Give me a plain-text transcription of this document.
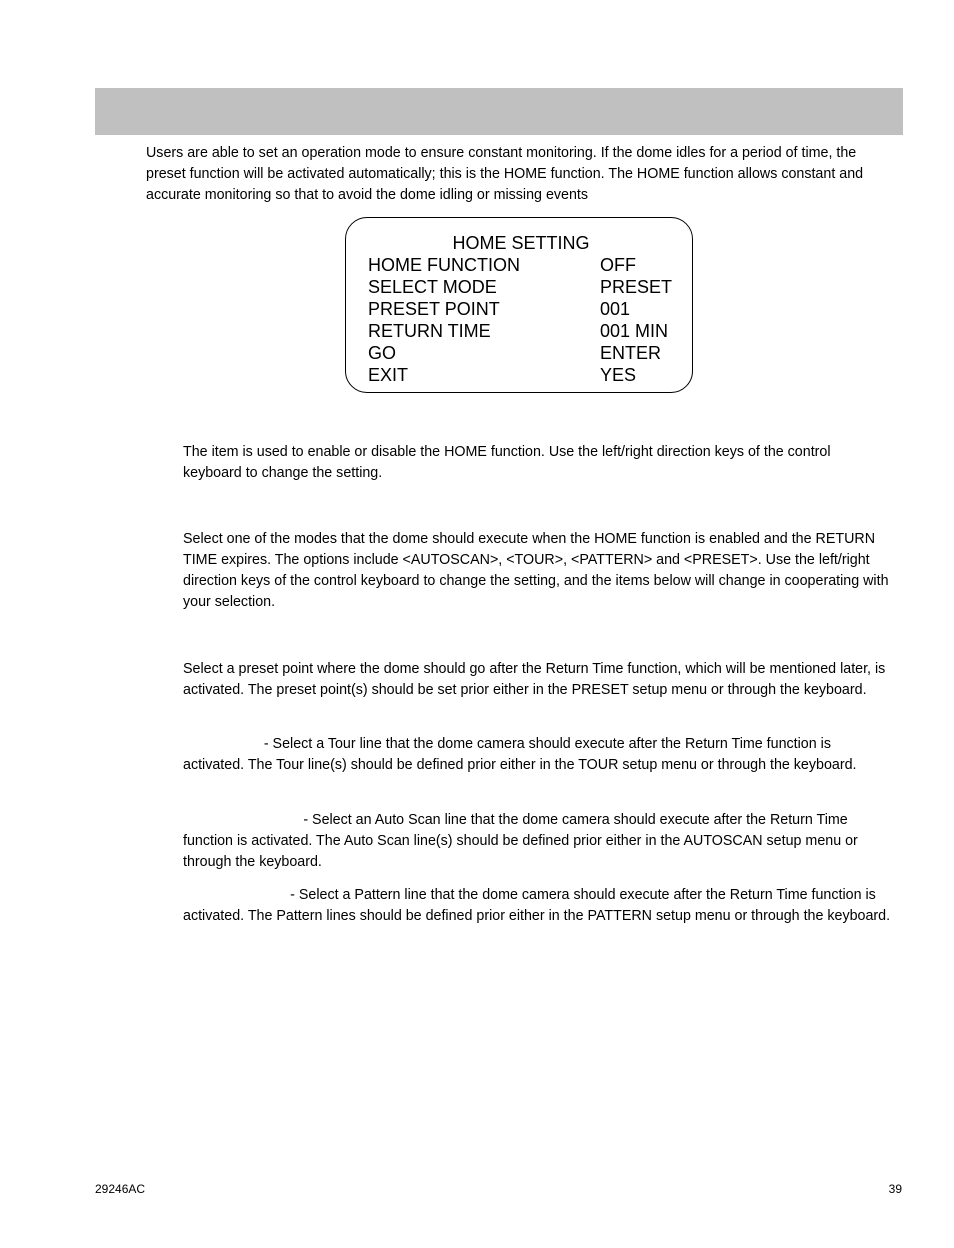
Users are able to set an operation mode to ensure constant monitoring. If the dome idles for a period of time, the preset function will be activated automatically; this is the HOME function. The HOME function allows constant and accurate monitoring so that to avoid the dome idling or missing events

HOME SETTING
HOME FUNCTION	OFF
SELECT MODE	PRESET
PRESET POINT	001
RETURN TIME	001 MIN
GO	ENTER
EXIT	YES

The item is used to enable or disable the HOME function. Use the left/right direction keys of the control keyboard to change the setting.

Select one of the modes that the dome should execute when the HOME function is enabled and the RETURN TIME expires. The options include <AUTOSCAN>, <TOUR>, <PATTERN> and <PRESET>. Use the left/right direction keys of the control keyboard to change the setting, and the items below will change in cooperating with your selection.

Select a preset point where the dome should go after the Return Time function, which will be mentioned later, is activated. The preset point(s) should be set prior either in the PRESET setup menu or through the keyboard.

- Select a Tour line that the dome camera should execute after the Return Time function is activated. The Tour line(s) should be defined prior either in the TOUR setup menu or through the keyboard.

- Select an Auto Scan line that the dome camera should execute after the Return Time function is activated. The Auto Scan line(s) should be defined prior either in the AUTOSCAN setup menu or through the keyboard.

- Select a Pattern line that the dome camera should execute after the Return Time function is activated. The Pattern lines should be defined prior either in the PATTERN setup menu or through the keyboard.

29246AC	39
